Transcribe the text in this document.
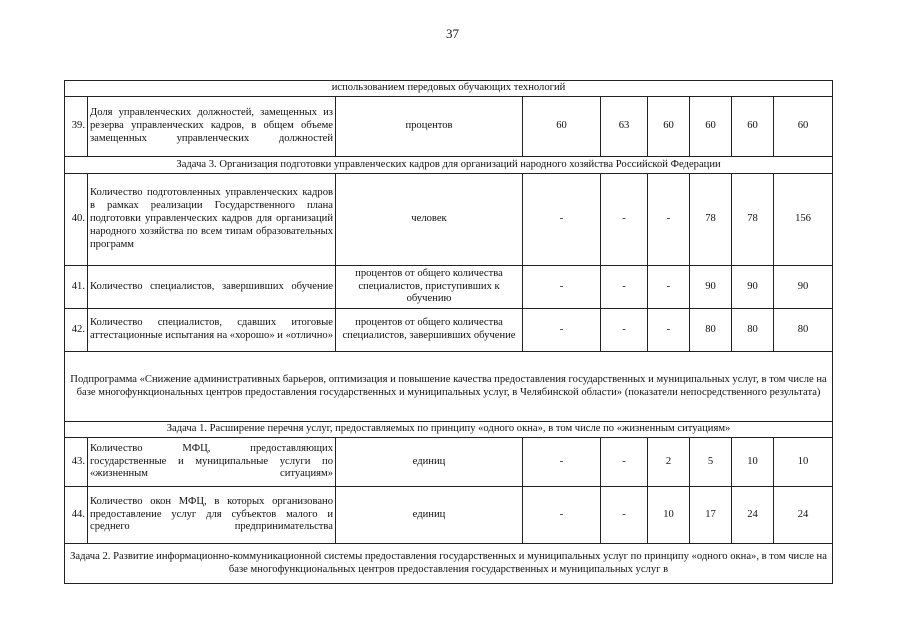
37
использованием передовых обучающих технологий								
39.	Доля управленческих должностей, замещенных из резерва управленческих кадров, в общем объеме замещенных управленческих должностей	процентов	60	63	60	60	60	60
Задача 3. Организация подготовки управленческих кадров для организаций народного хозяйства Российской Федерации								
40.	Количество подготовленных управленческих кадров в рамках реализации Государственного плана подготовки управленческих кадров для организаций народного хозяйства по всем типам образовательных программ	человек	-	-	-	78	78	156
41.	Количество специалистов, завершивших обучение	процентов от общего количества специалистов, приступивших к обучению	-	-	-	90	90	90
42.	Количество специалистов, сдавших итоговые аттестационные испытания на «хорошо» и «отлично»	процентов от общего количества специалистов, завершивших обучение	-	-	-	80	80	80
Подпрограмма «Снижение административных барьеров, оптимизация и повышение качества предоставления государственных и муниципальных услуг, в том числе на базе многофункциональных центров предоставления государственных и муниципальных услуг, в Челябинской области» (показатели непосредственного результата)								
Задача 1. Расширение перечня услуг, предоставляемых по принципу «одного окна», в том числе по «жизненным ситуациям»								
43.	Количество МФЦ, предоставляющих государственные и муниципальные услуги по «жизненным ситуациям»	единиц	-	-	2	5	10	10
44.	Количество окон МФЦ, в которых организовано предоставление услуг для субъектов малого и среднего предпринимательства	единиц	-	-	10	17	24	24
Задача 2. Развитие информационно-коммуникационной системы предоставления государственных и муниципальных услуг по принципу «одного окна», в том числе на базе многофункциональных центров предоставления государственных и муниципальных услуг в								
